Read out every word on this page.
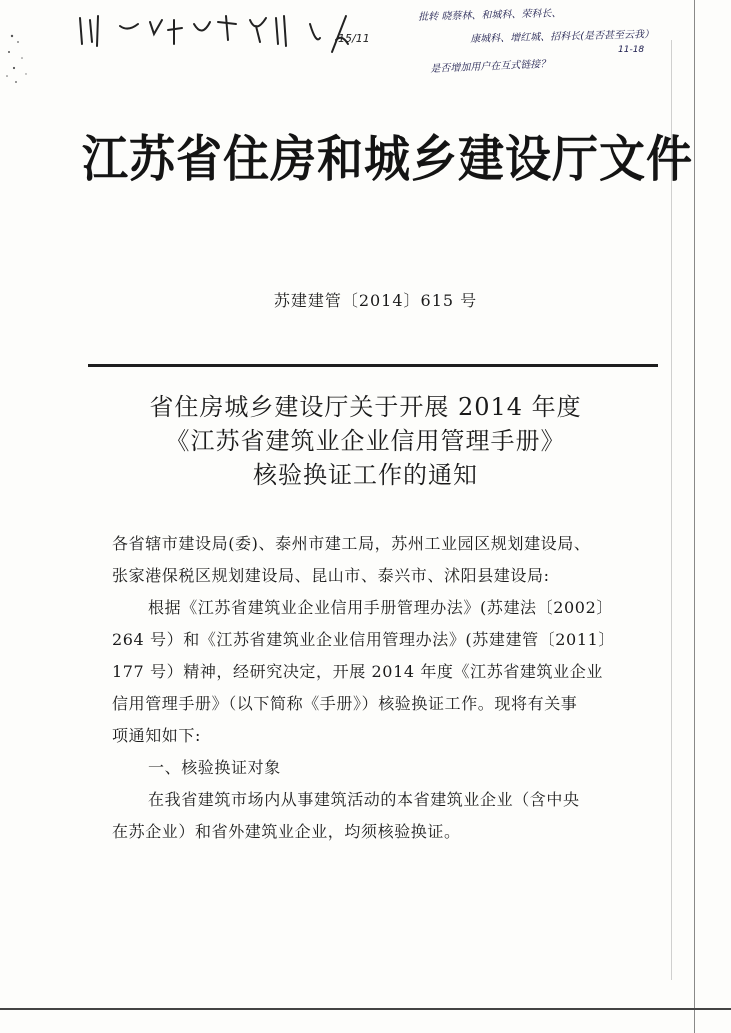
15/11
批转 晓蔡林、和城科、荣科长、
康城科、增红城、招科长(是否甚至云我）
11-18
是否增加用户在互式链接？
江苏省住房和城乡建设厅文件
苏建建管〔2014〕615 号
省住房城乡建设厅关于开展 2014 年度
《江苏省建筑业企业信用管理手册》
核验换证工作的通知

各省辖市建设局(委)、泰州市建工局，苏州工业园区规划建设局、

张家港保税区规划建设局、昆山市、泰兴市、沭阳县建设局:

根据《江苏省建筑业企业信用手册管理办法》(苏建法〔2002〕

264 号）和《江苏省建筑业企业信用管理办法》(苏建建管〔2011〕

177 号）精神，经研究决定，开展 2014 年度《江苏省建筑业企业

信用管理手册》（以下简称《手册》）核验换证工作。现将有关事

项通知如下:

一、核验换证对象

在我省建筑市场内从事建筑活动的本省建筑业企业（含中央

在苏企业）和省外建筑业企业，均须核验换证。
